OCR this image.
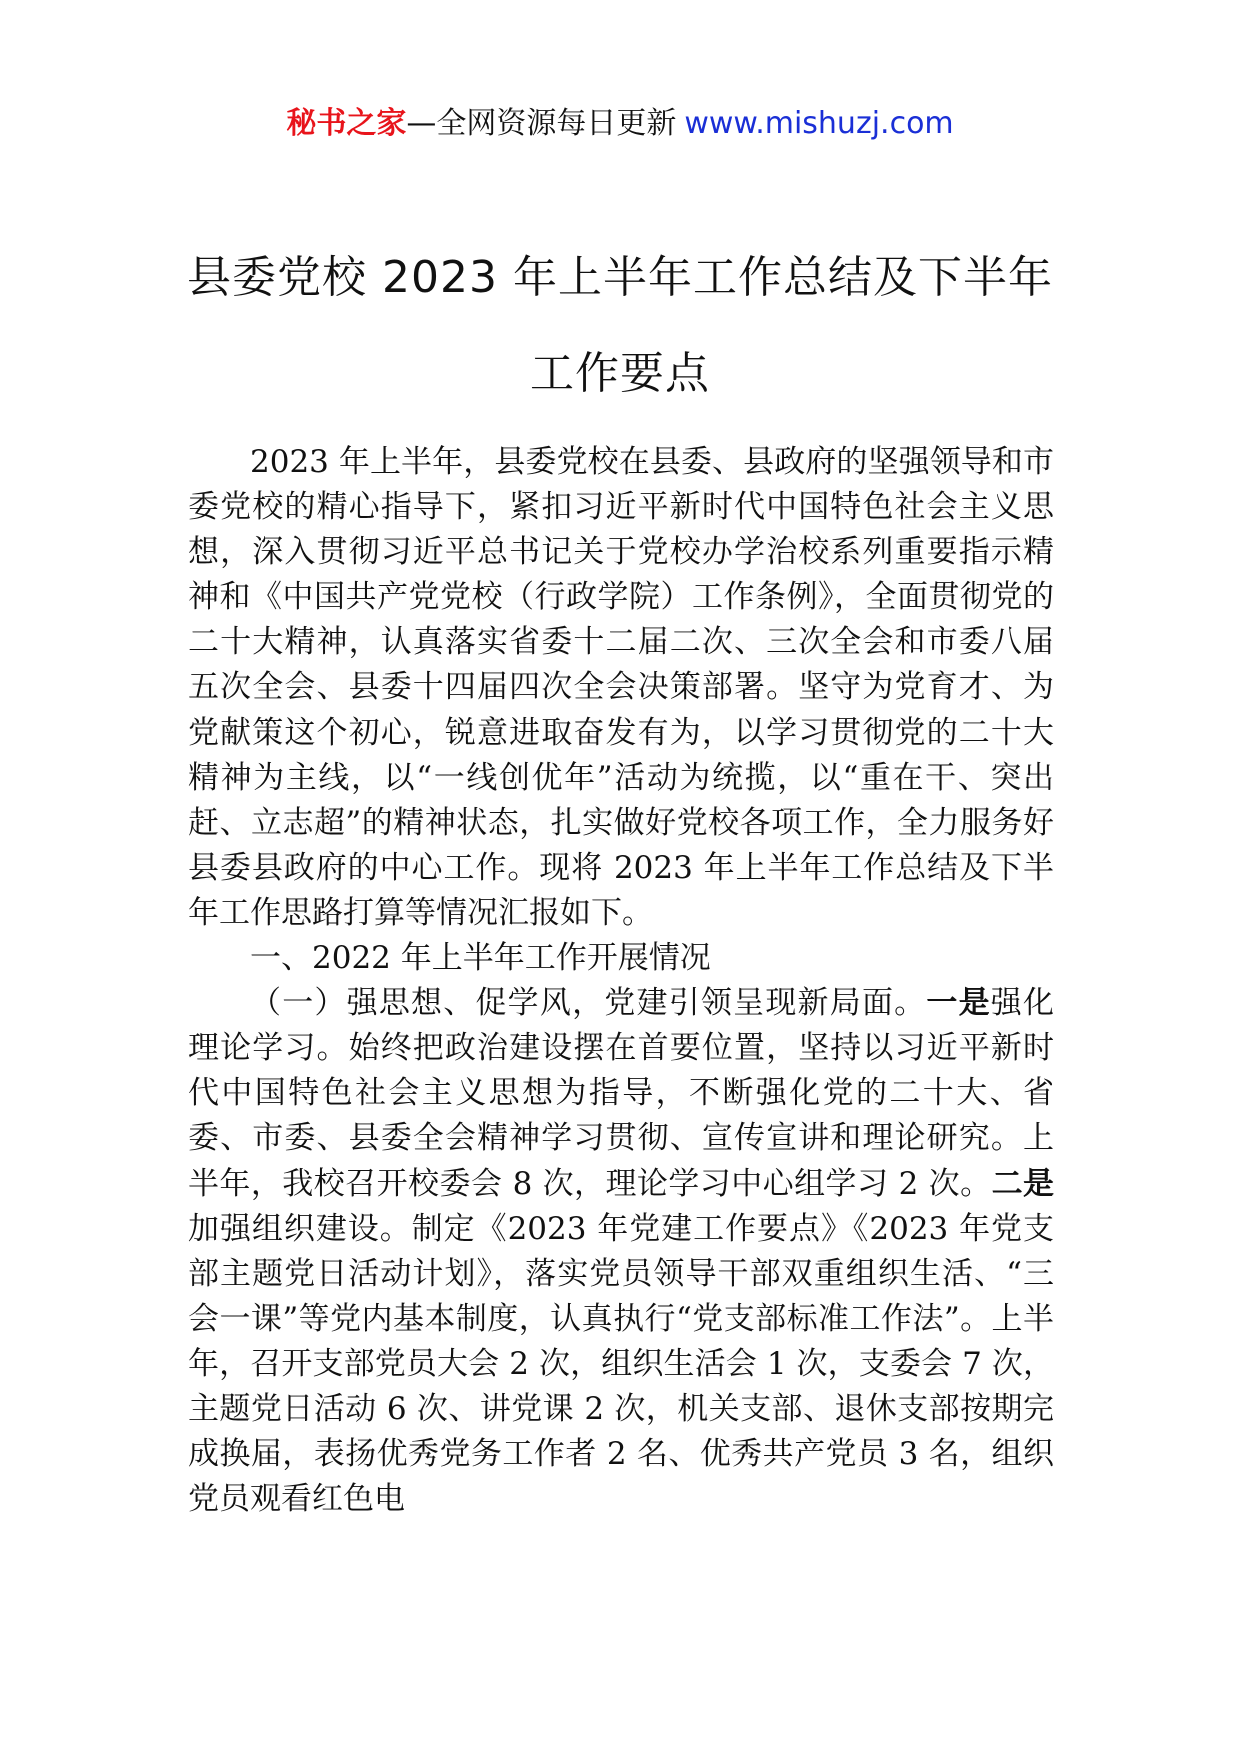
秘书之家—全网资源每日更新 www.mishuzj.com
县委党校 2023 年上半年工作总结及下半年
工作要点

2023 年上半年，县委党校在县委、县政府的坚强领导和市委党校的精心指导下，紧扣习近平新时代中国特色社会主义思想，深入贯彻习近平总书记关于党校办学治校系列重要指示精神和《中国共产党党校（行政学院）工作条例》，全面贯彻党的二十大精神，认真落实省委十二届二次、三次全会和市委八届五次全会、县委十四届四次全会决策部署。坚守为党育才、为党献策这个初心，锐意进取奋发有为，以学习贯彻党的二十大精神为主线，以“一线创优年”活动为统揽，以“重在干、突出赶、立志超”的精神状态，扎实做好党校各项工作，全力服务好县委县政府的中心工作。现将 2023 年上半年工作总结及下半年工作思路打算等情况汇报如下。

一、2022 年上半年工作开展情况

（一）强思想、促学风，党建引领呈现新局面。一是强化理论学习。始终把政治建设摆在首要位置，坚持以习近平新时代中国特色社会主义思想为指导，不断强化党的二十大、省委、市委、县委全会精神学习贯彻、宣传宣讲和理论研究。上半年，我校召开校委会 8 次，理论学习中心组学习 2 次。二是加强组织建设。制定《2023 年党建工作要点》《2023 年党支部主题党日活动计划》，落实党员领导干部双重组织生活、“三会一课”等党内基本制度，认真执行“党支部标准工作法”。上半年，召开支部党员大会 2 次，组织生活会 1 次，支委会 7 次，主题党日活动 6 次、讲党课 2 次，机关支部、退休支部按期完成换届，表扬优秀党务工作者 2 名、优秀共产党员 3 名，组织党员观看红色电
